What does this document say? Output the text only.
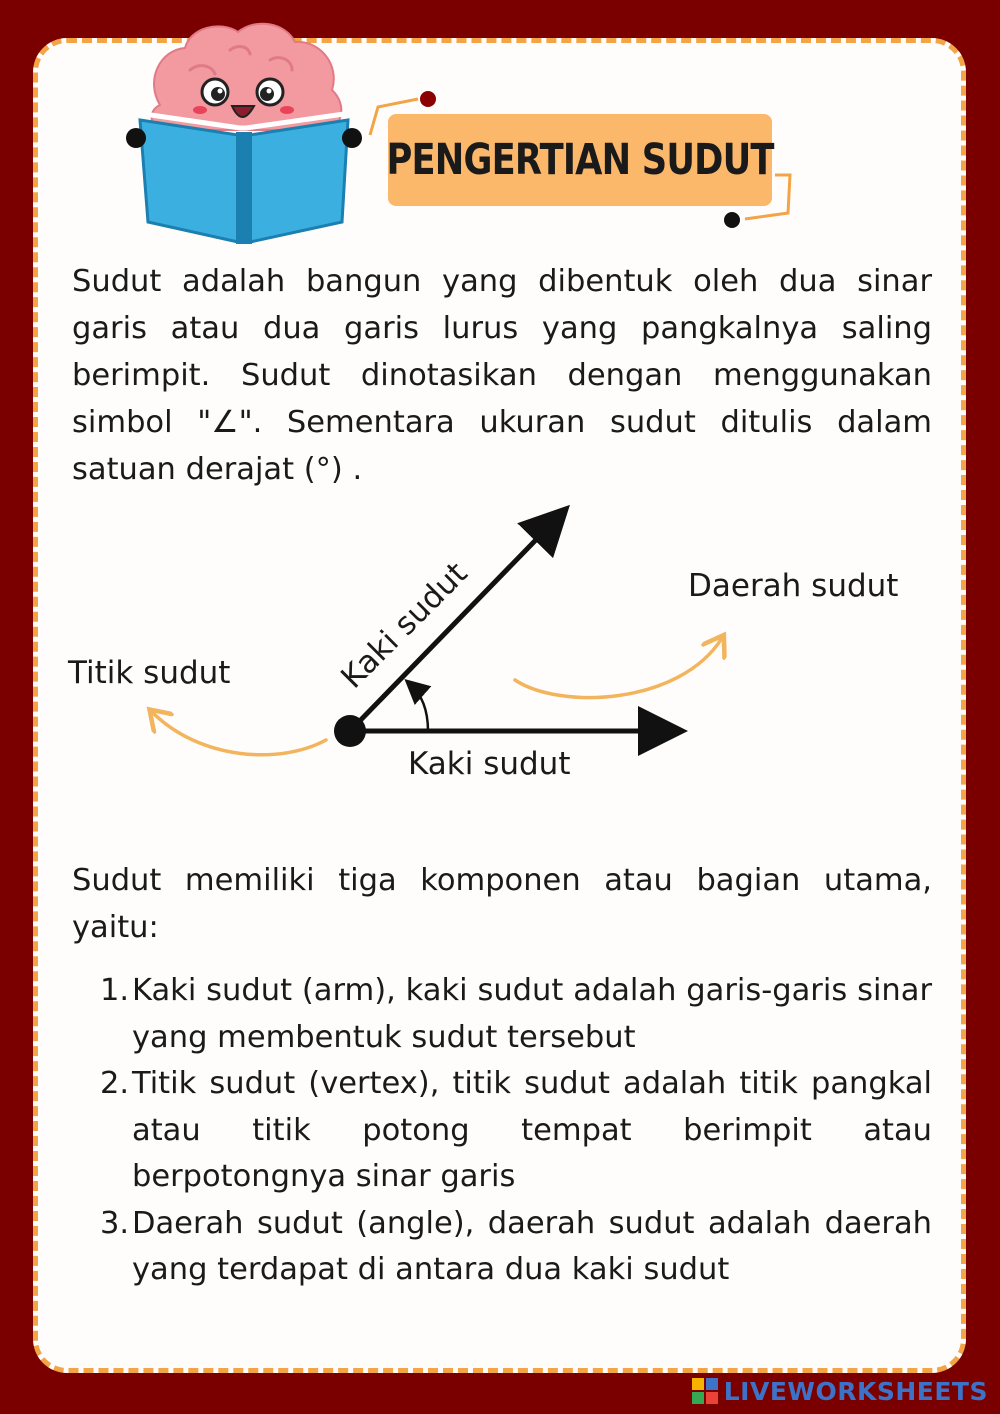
PENGERTIAN SUDUT

Sudut adalah bangun yang dibentuk oleh dua sinar garis atau dua garis lurus yang pangkalnya saling berimpit. Sudut dinotasikan dengan menggunakan simbol "∠". Sementara ukuran sudut ditulis dalam satuan derajat (°) .

Titik sudut	Kaki sudut
Kaki sudut
Daerah sudut

Sudut memiliki tiga komponen atau bagian utama, yaitu:

1. Kaki sudut (arm), kaki sudut adalah garis-garis sinar yang membentuk sudut tersebut
2. Titik sudut (vertex), titik sudut adalah titik pangkal atau titik potong tempat berimpit atau berpotongnya sinar garis
3. Daerah sudut (angle), daerah sudut adalah daerah yang terdapat di antara dua kaki sudut
LIVEWORKSHEETS
